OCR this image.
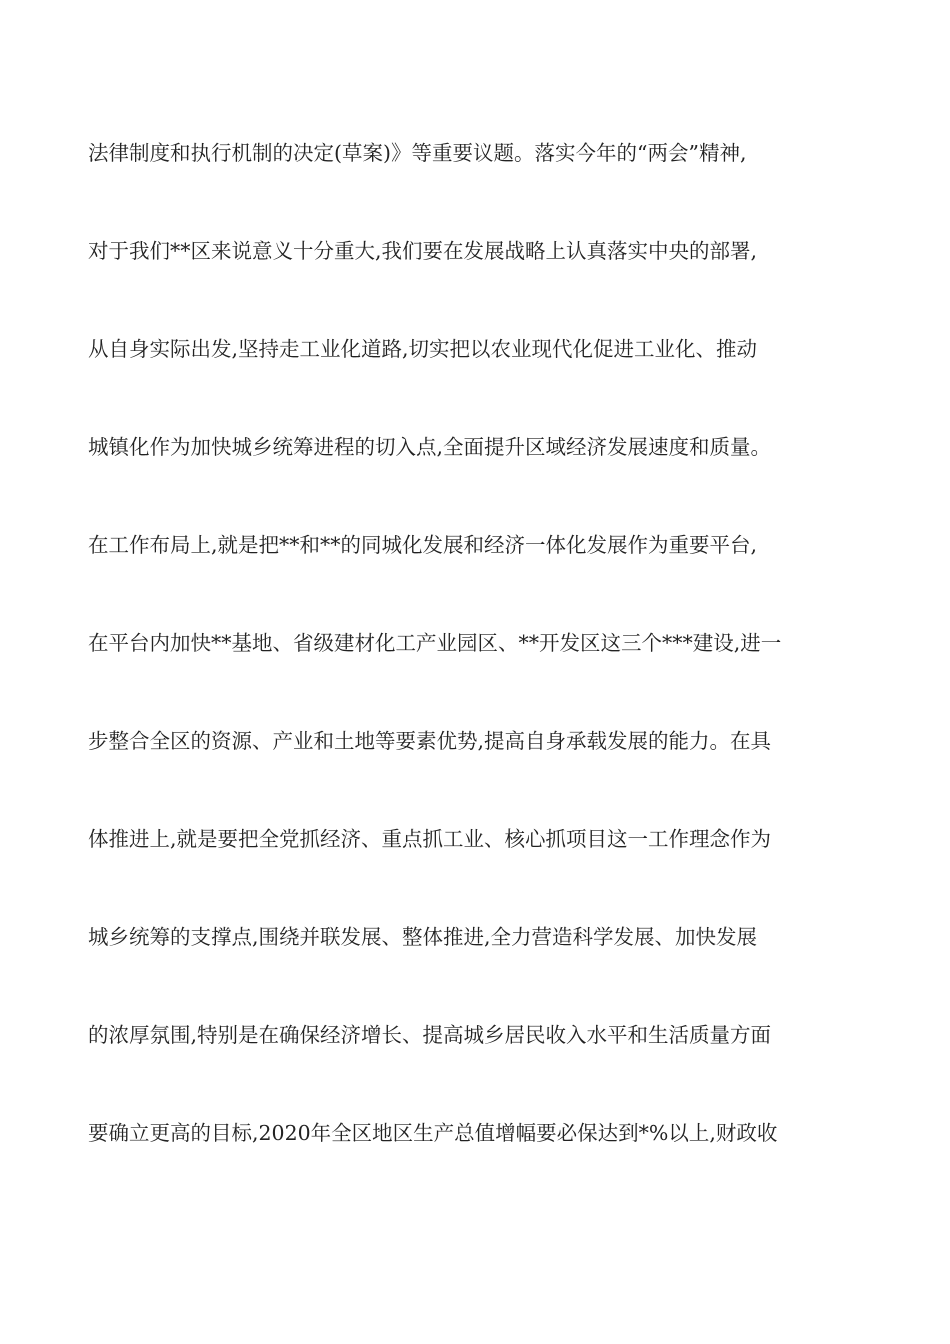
法律制度和执行机制的决定(草案)》等重要议题。落实今年的“两会”精神,
对于我们**区来说意义十分重大,我们要在发展战略上认真落实中央的部署,
从自身实际出发,坚持走工业化道路,切实把以农业现代化促进工业化、推动
城镇化作为加快城乡统筹进程的切入点,全面提升区域经济发展速度和质量。
在工作布局上,就是把**和**的同城化发展和经济一体化发展作为重要平台,
在平台内加快**基地、省级建材化工产业园区、**开发区这三个***建设,进一
步整合全区的资源、产业和土地等要素优势,提高自身承载发展的能力。在具
体推进上,就是要把全党抓经济、重点抓工业、核心抓项目这一工作理念作为
城乡统筹的支撑点,围绕并联发展、整体推进,全力营造科学发展、加快发展
的浓厚氛围,特别是在确保经济增长、提高城乡居民收入水平和生活质量方面
要确立更高的目标,2020年全区地区生产总值增幅要必保达到*%以上,财政收
